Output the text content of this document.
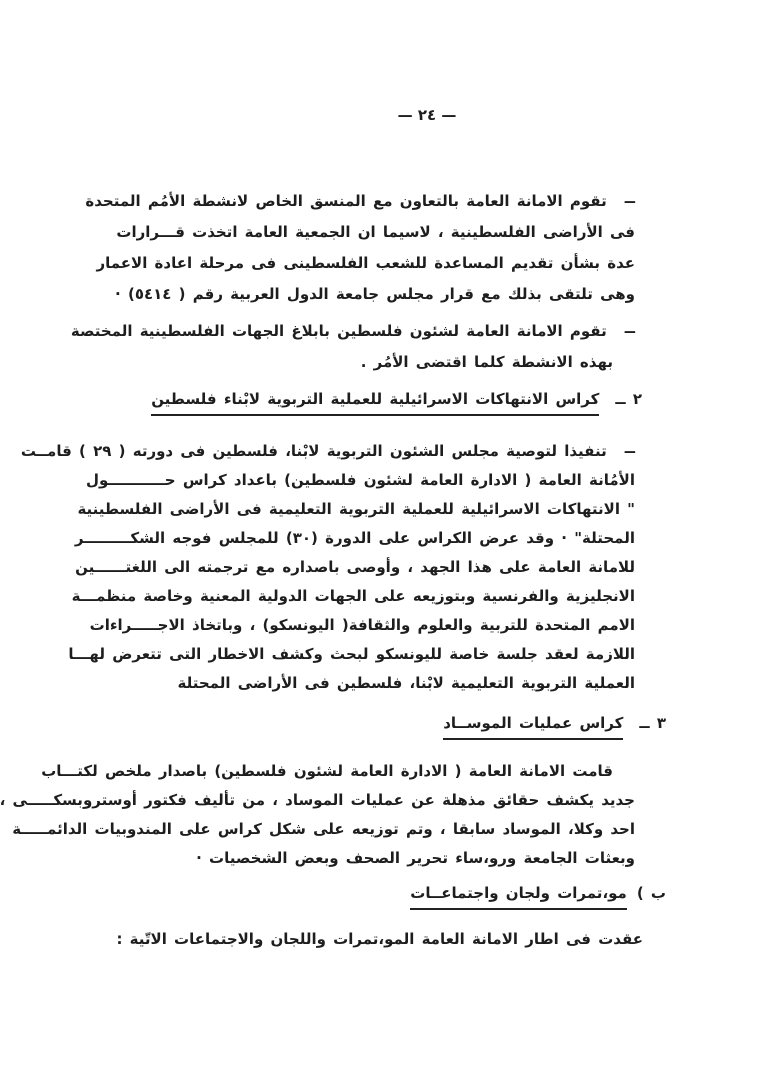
— ٢٤ —
ــتقوم الامانة العامة بالتعاون مع المنسق الخاص لانشطة الأمُم المتحدة
فى الأراضى الفلسطينية ، لاسيما ان الجمعية العامة اتخذت قـــرارات
عدة بشأن تقديم المساعدة للشعب الفلسطينى فى مرحلة اعادة الاعمار
وهى تلتقى بذلك مع قرار مجلس جامعة الدول العربية رقم ( ٥٤١٤) ·
ــتقوم الامانة العامة لشئون فلسطين بابلاغ الجهات الفلسطينية المختصة
بهذه الانشطة كلما اقتضى الأمُر .
٢ ــ
كراس الانتهاكات الاسرائيلية للعملية التربوية لابْناء فلسطين
ــتنفيذا لتوصية مجلس الشئون التربوية لابْنا، فلسطين فى دورته ( ٢٩ ) قامــت
الأمُانة العامة ( الادارة العامة لشئون فلسطين) باعداد كراس حـــــــــــول
" الانتهاكات الاسرائيلية للعملية التربوية التعليمية فى الأراضى الفلسطينية
المحتلة" · وقد عرض الكراس على الدورة (٣٠) للمجلس فوجه الشكـــــــــر
للامانة العامة على هذا الجهد ، وأوصى باصداره مع ترجمته الى اللغتــــــين
الانجليزية والفرنسية وبتوزيعه على الجهات الدولية المعنية وخاصة منظمـــة
الامم المتحدة للتربية والعلوم والثقافة( اليونسكو) ، وباتخاذ الاجـــــراءات
اللازمة لعقد جلسة خاصة لليونسكو لبحث وكشف الاخطار التى تتعرض لهـــا
العملية التربوية التعليمية لابْنا، فلسطين فى الأراضى المحتلة
٣ ــ
كراس عمليات الموســاد
قامت الامانة العامة ( الادارة العامة لشئون فلسطين) باصدار ملخص لكتـــاب
جديد يكشف حقائق مذهلة عن عمليات الموساد ، من تأليف فكتور أوستروبسكـــــى ،
احد وكلا، الموساد سابقا ، وتم توزيعه على شكل كراس على المندوبيات الدائمـــــة
وبعثات الجامعة ورو،ساء تحرير الصحف وبعض الشخصيات ·
ب )
مو،تمرات ولجان واجتماعــات
عقدت فى اطار الامانة العامة المو،تمرات واللجان والاجتماعات الاتّية :
